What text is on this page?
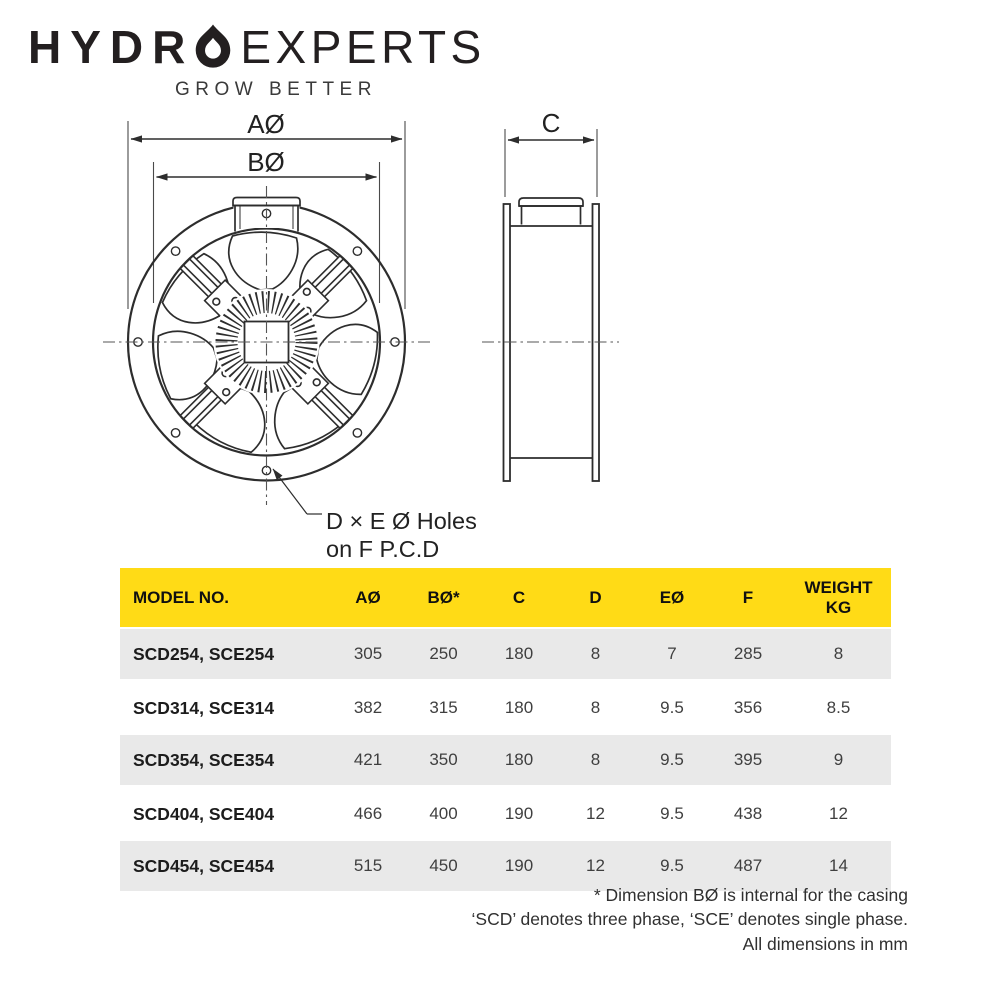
HYDR EXPERTS
GROW BETTER
AØ
BØ
D × E Ø Holes
on F P.C.D
C
MODEL NO.	AØ	BØ*	C	D	EØ	F	WEIGHT KG
SCD254, SCE254	305	250	180	8	7	285	8
SCD314, SCE314	382	315	180	8	9.5	356	8.5
SCD354, SCE354	421	350	180	8	9.5	395	9
SCD404, SCE404	466	400	190	12	9.5	438	12
SCD454, SCE454	515	450	190	12	9.5	487	14
* Dimension BØ is internal for the casing
‘SCD’ denotes three phase, ‘SCE’ denotes single phase.
All dimensions in mm
